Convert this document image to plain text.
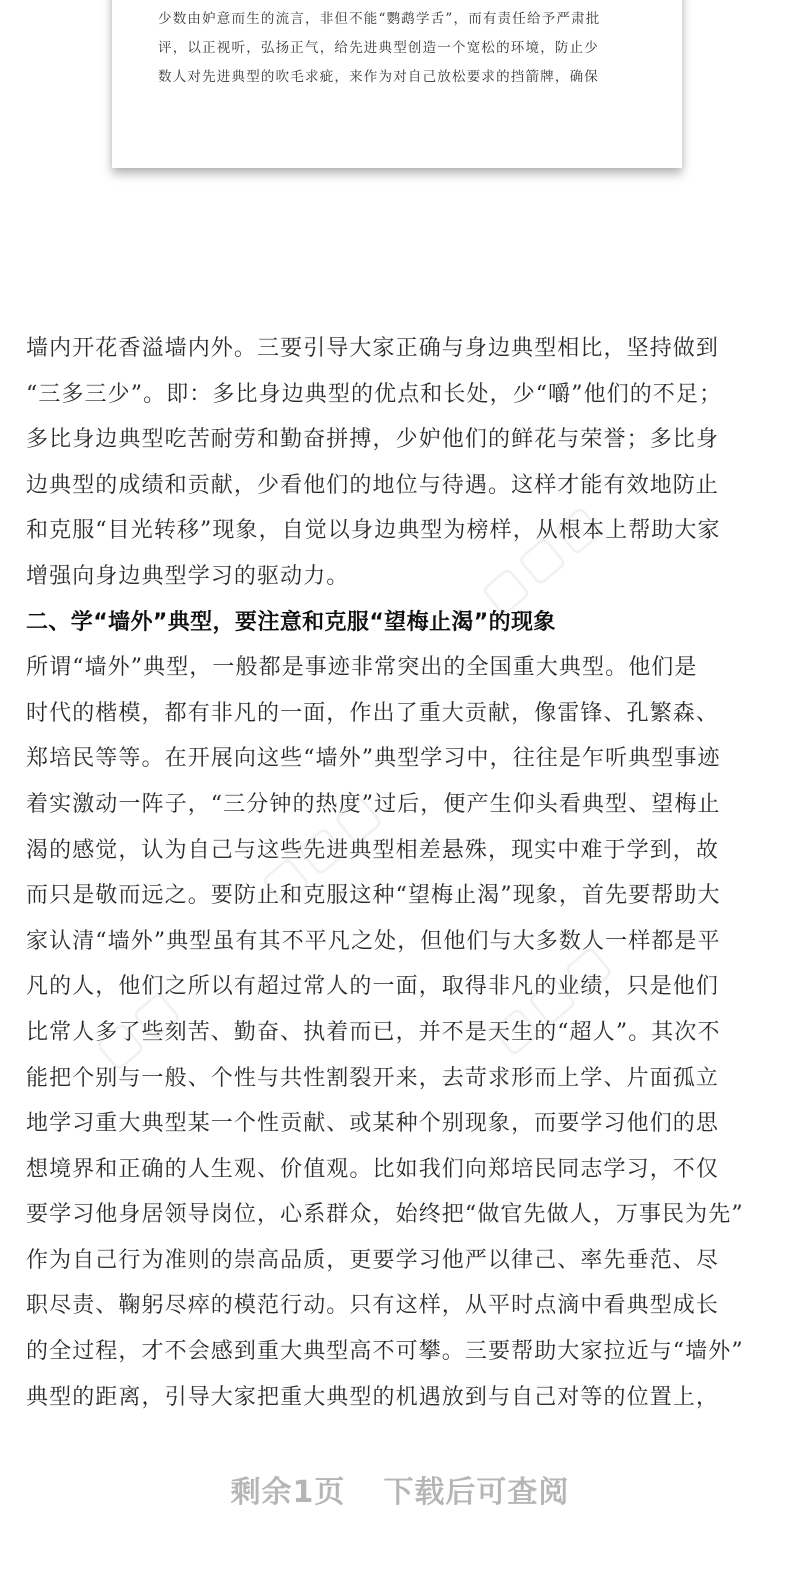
少数由妒意而生的流言，非但不能“鹦鹉学舌”，而有责任给予严肃批
评，以正视听，弘扬正气，给先进典型创造一个宽松的环境，防止少
数人对先进典型的吹毛求疵，来作为对自己放松要求的挡箭牌，确保
墙内开花香溢墙内外。三要引导大家正确与身边典型相比，坚持做到
“三多三少”。即：多比身边典型的优点和长处，少“嚼”他们的不足；
多比身边典型吃苦耐劳和勤奋拼搏，少妒他们的鲜花与荣誉；多比身
边典型的成绩和贡献，少看他们的地位与待遇。这样才能有效地防止
和克服“目光转移”现象，自觉以身边典型为榜样，从根本上帮助大家
增强向身边典型学习的驱动力。
二、学“墙外”典型，要注意和克服“望梅止渴”的现象
所谓“墙外”典型，一般都是事迹非常突出的全国重大典型。他们是
时代的楷模，都有非凡的一面，作出了重大贡献，像雷锋、孔繁森、
郑培民等等。在开展向这些“墙外”典型学习中，往往是乍听典型事迹
着实激动一阵子，“三分钟的热度”过后，便产生仰头看典型、望梅止
渴的感觉，认为自己与这些先进典型相差悬殊，现实中难于学到，故
而只是敬而远之。要防止和克服这种“望梅止渴”现象，首先要帮助大
家认清“墙外”典型虽有其不平凡之处，但他们与大多数人一样都是平
凡的人，他们之所以有超过常人的一面，取得非凡的业绩，只是他们
比常人多了些刻苦、勤奋、执着而已，并不是天生的“超人”。其次不
能把个别与一般、个性与共性割裂开来，去苛求形而上学、片面孤立
地学习重大典型某一个性贡献、或某种个别现象，而要学习他们的思
想境界和正确的人生观、价值观。比如我们向郑培民同志学习，不仅
要学习他身居领导岗位，心系群众，始终把“做官先做人，万事民为先”
作为自己行为准则的崇高品质，更要学习他严以律己、率先垂范、尽
职尽责、鞠躬尽瘁的模范行动。只有这样，从平时点滴中看典型成长
的全过程，才不会感到重大典型高不可攀。三要帮助大家拉近与“墙外”
典型的距离，引导大家把重大典型的机遇放到与自己对等的位置上，
▢▢▢
▢▢▢
▢▢▢
▢▢
剩余1页 下载后可查阅
